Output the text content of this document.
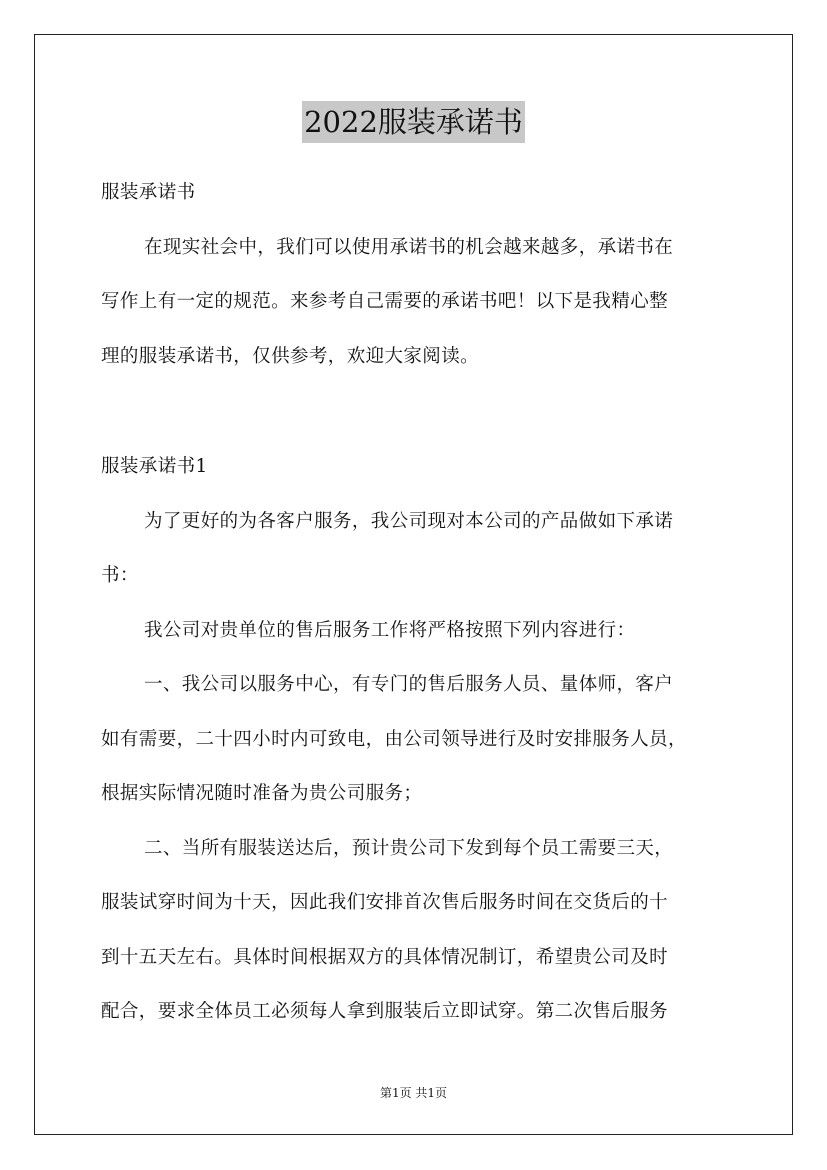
2022服装承诺书
服装承诺书
在现实社会中，我们可以使用承诺书的机会越来越多，承诺书在
写作上有一定的规范。来参考自己需要的承诺书吧！以下是我精心整
理的服装承诺书，仅供参考，欢迎大家阅读。
服装承诺书1
为了更好的为各客户服务，我公司现对本公司的产品做如下承诺
书：
我公司对贵单位的售后服务工作将严格按照下列内容进行：
一、我公司以服务中心，有专门的售后服务人员、量体师，客户
如有需要，二十四小时内可致电，由公司领导进行及时安排服务人员，
根据实际情况随时准备为贵公司服务；
二、当所有服装送达后，预计贵公司下发到每个员工需要三天，
服装试穿时间为十天，因此我们安排首次售后服务时间在交货后的十
到十五天左右。具体时间根据双方的具体情况制订，希望贵公司及时
配合，要求全体员工必须每人拿到服装后立即试穿。第二次售后服务
第1页 共1页
